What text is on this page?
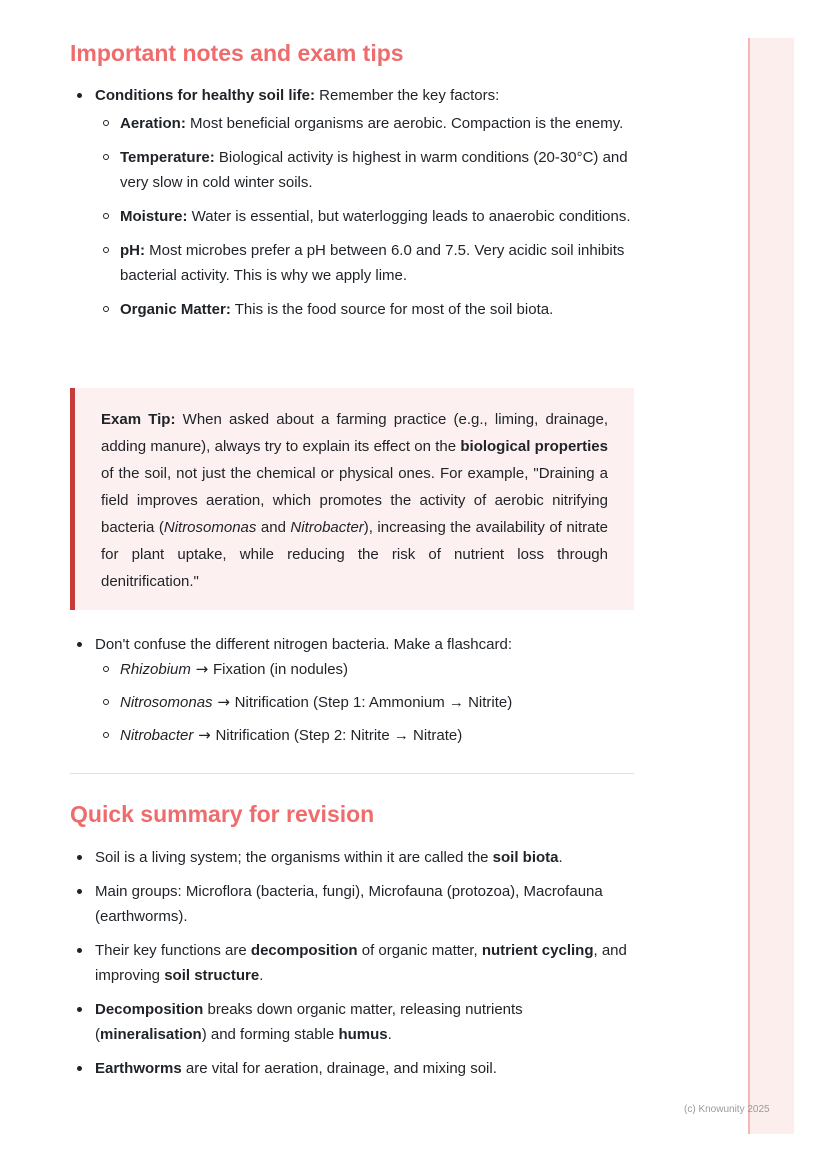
Important notes and exam tips
Conditions for healthy soil life: Remember the key factors:
Aeration: Most beneficial organisms are aerobic. Compaction is the enemy.
Temperature: Biological activity is highest in warm conditions (20-30°C) and very slow in cold winter soils.
Moisture: Water is essential, but waterlogging leads to anaerobic conditions.
pH: Most microbes prefer a pH between 6.0 and 7.5. Very acidic soil inhibits bacterial activity. This is why we apply lime.
Organic Matter: This is the food source for most of the soil biota.

Exam Tip: When asked about a farming practice (e.g., liming, drainage, adding manure), always try to explain its effect on the biological properties of the soil, not just the chemical or physical ones. For example, "Draining a field improves aeration, which promotes the activity of aerobic nitrifying bacteria (Nitrosomonas and Nitrobacter), increasing the availability of nitrate for plant uptake, while reducing the risk of nutrient loss through denitrification."

Don't confuse the different nitrogen bacteria. Make a flashcard:
Rhizobium → Fixation (in nodules)
Nitrosomonas → Nitrification (Step 1: Ammonium → Nitrite)
Nitrobacter → Nitrification (Step 2: Nitrite → Nitrate)
Quick summary for revision
Soil is a living system; the organisms within it are called the soil biota.
Main groups: Microflora (bacteria, fungi), Microfauna (protozoa), Macrofauna (earthworms).
Their key functions are decomposition of organic matter, nutrient cycling, and improving soil structure.
Decomposition breaks down organic matter, releasing nutrients (mineralisation) and forming stable humus.
Earthworms are vital for aeration, drainage, and mixing soil.
(c) Knowunity 2025
